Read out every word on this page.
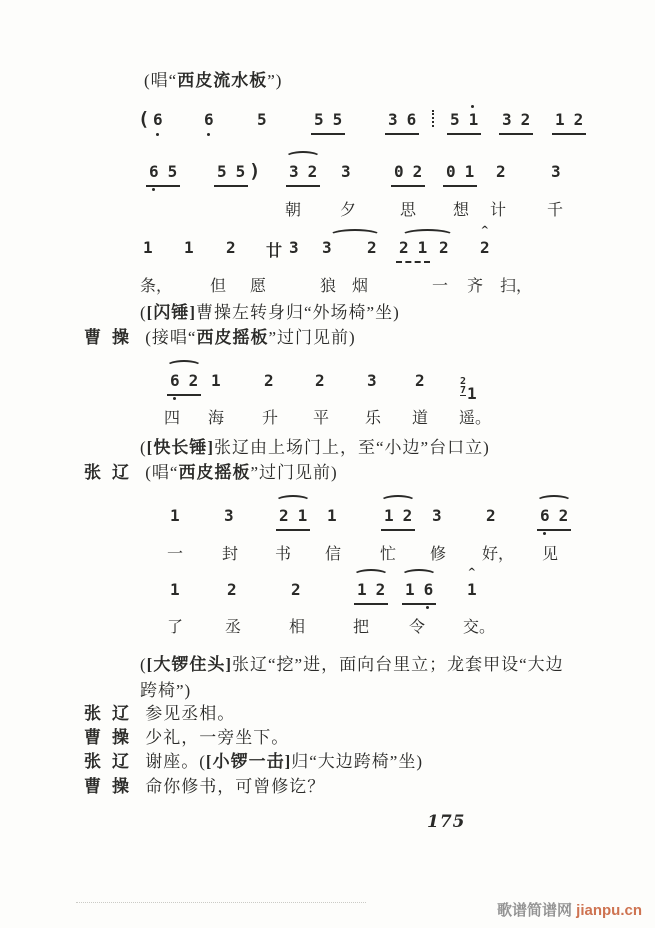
(唱“西皮流水板”)
( 6	6	5	5 5	3 6 5 1 3 2 1 2
6 5 5 5 ) 3 2 3	0 2 0 1 2	3
朝 夕	思 想 计	千
1 1 2 廿 3 3 2 2 1 2 2
^
条， 但 愿	狼 烟	一 齐 扫，
([闪锤]曹操左转身归“外场椅”坐)
曹操 (接唱“西皮摇板”过门见前)
6 2 1	2	2	3 2	2
7 1
四 海 升 平 乐 道 遥。
([快长锤]张辽由上场门上，至“小边”台口立)
张辽 (唱“西皮摇板”过门见前)
1	3	2 1 1	1 2 3	2	6 2
一 封 书 信 忙 修 好， 见
1	2	2	1 2 1 6 1
^
了	丞	相	把 令 交。
([大锣住头]张辽“挖”进，面向台里立；龙套甲设“大边
跨椅”)
张辽 参见丞相。
曹操 少礼，一旁坐下。
张辽 谢座。([小锣一击]归“大边跨椅”坐)
曹操 命你修书，可曾修讫？
175
歌谱简谱网 jianpu.cn
